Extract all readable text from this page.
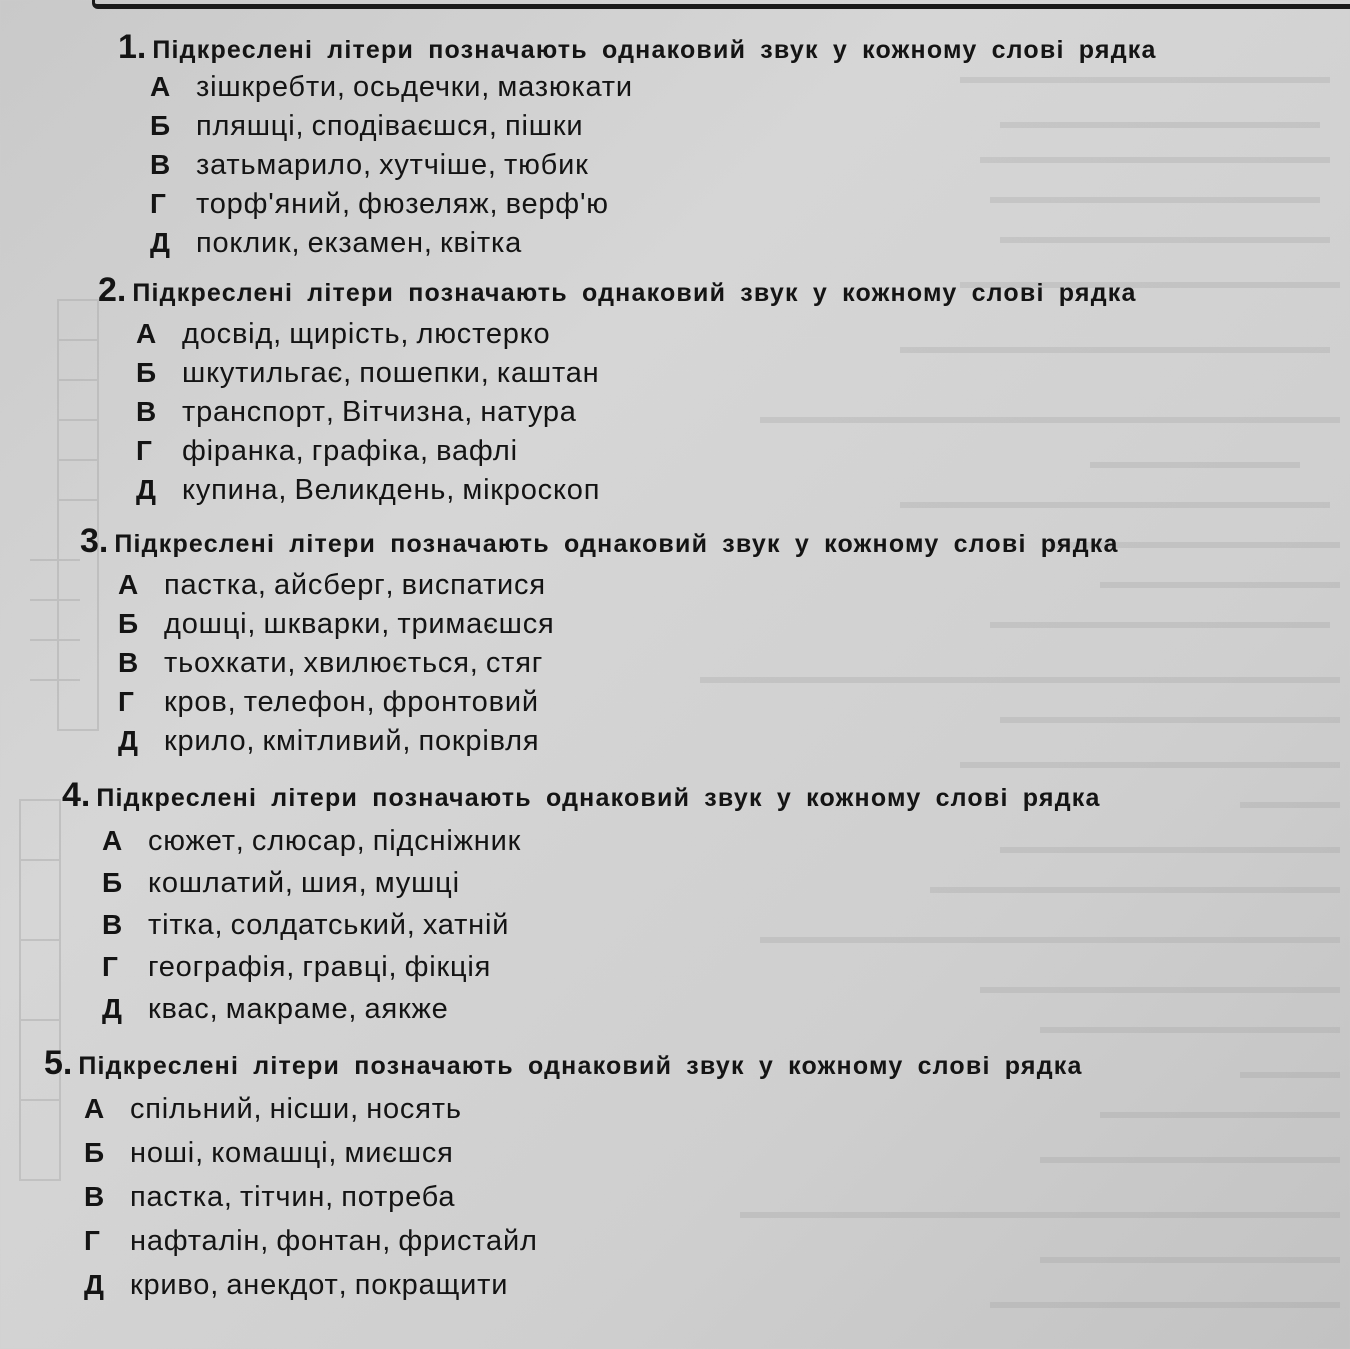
1. Підкреслені літери позначають однаковий звук у кожному слові рядка
А зішкребти , осьдечки , мазюкати
Б пляшці , сподіваєшся , пішки
В затьмарило , хутчіше , тюбик
Г	торф'яний , фюзеляж , верф'ю
Д поклик , екзамен , квітка
2. Підкреслені літери позначають однаковий звук у кожному слові рядка
А досвід , щирість , люстерко
Б шкутильгає , пошепки , каштан
В транспорт , Вітчизна , натура
Г	фіранка , графіка , вафлі
Д купина , Великдень , мікроскоп
3. Підкреслені літери позначають однаковий звук у кожному слові рядка
А пастка , айсберг , виспатися
Б дошці , шкварки , тримаєшся
В тьохкати , хвилюється , стяг
Г	кров , телефон , фронтовий
Д крило , кмітливий , покрівля
4. Підкреслені літери позначають однаковий звук у кожному слові рядка
А сюжет , слюсар , підсніжник
Б кошлатий , шия , мушці
В тітка , солдатський , хатній
Г	географія , гравці , фікція
Д квас , макраме , аякже
5. Підкреслені літери позначають однаковий звук у кожному слові рядка
А спільний , нісши , носять
Б ноші , комашці , миєшся
В пастка , тітчин , потреба
Г	нафталін , фонтан , фристайл
Д криво , анекдот , покращити
